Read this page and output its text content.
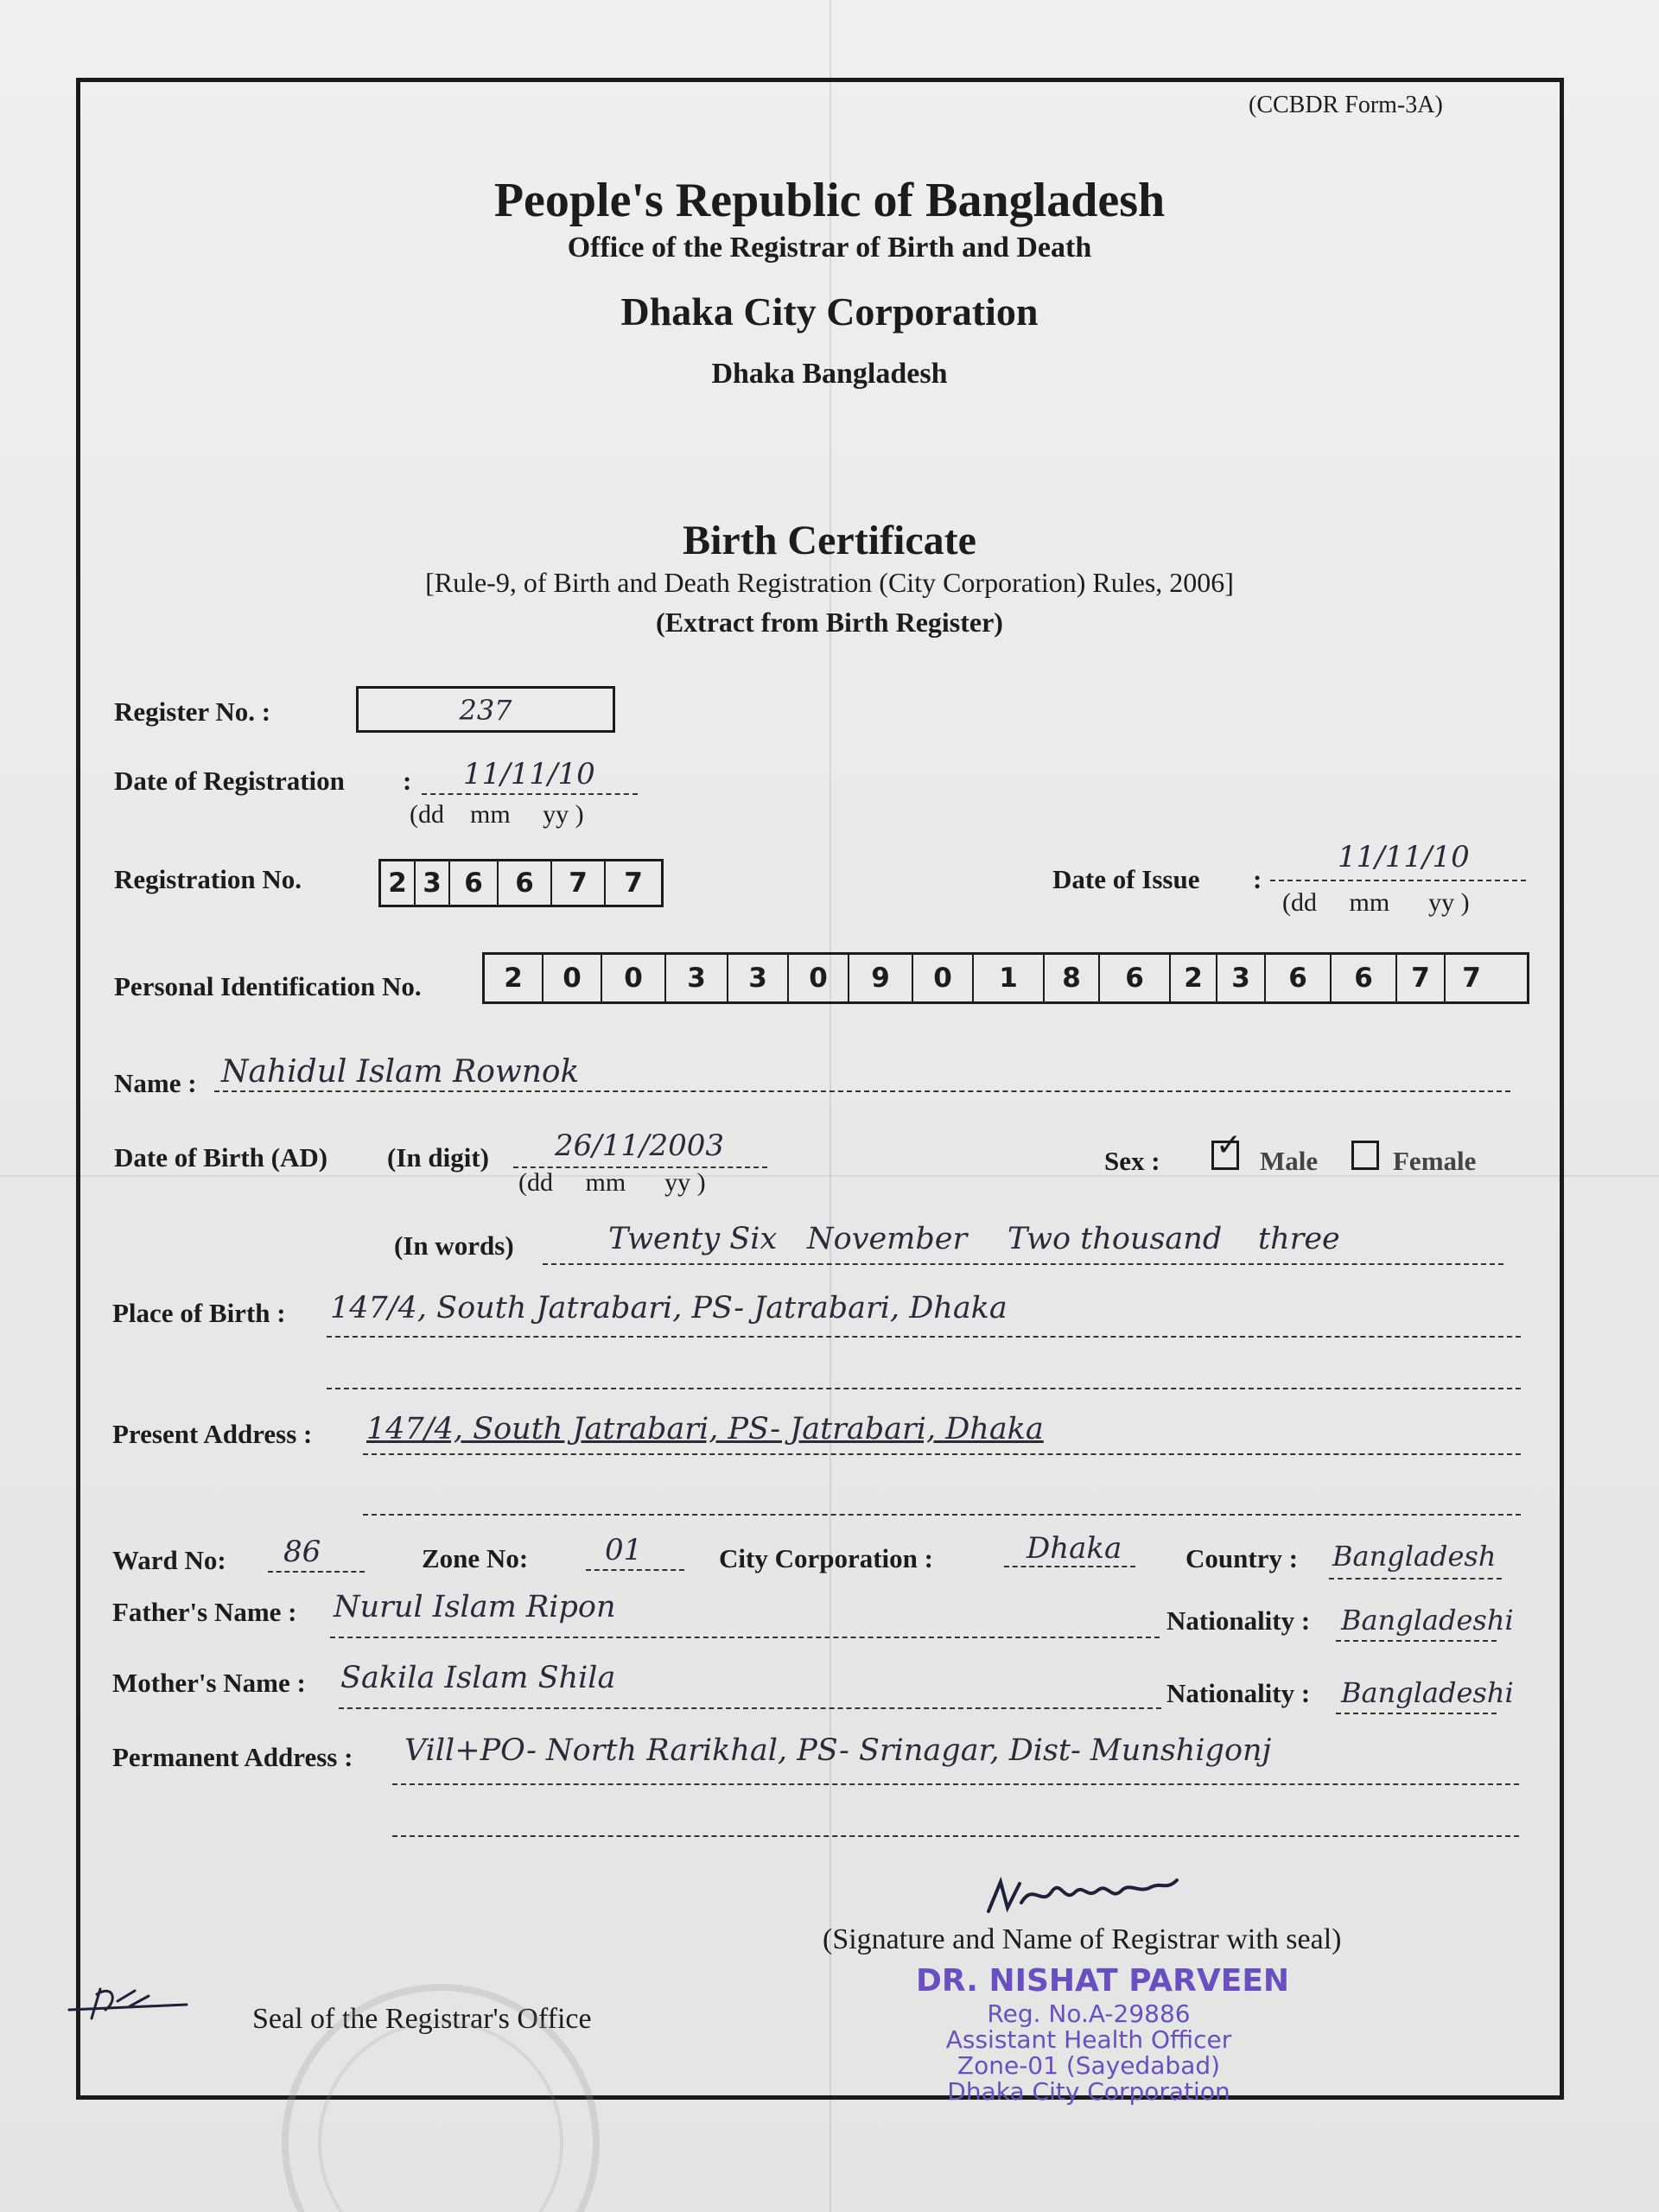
(CCBDR Form-3A)
People's Republic of Bangladesh
Office of the Registrar of Birth and Death
Dhaka City Corporation
Dhaka Bangladesh
Birth Certificate
[Rule-9, of Birth and Death Registration (City Corporation) Rules, 2006]
(Extract from Birth Register)
Register No. :	237
Date of Registration : 11/11/10
(dd    mm     yy )
Registration No.	2 3 6	6	7	7	Date of Issue :
11/11/10
(dd     mm      yy )
Personal Identification No.	2	0	0	3	3	0	9	0	1	8	6	2	3	6	6	7	7
Name : Nahidul Islam Rownok
Date of Birth (AD) (In digit) 26/11/2003
(dd     mm      yy )
Sex : ✓ Male	Female
(In words)	Twenty Six November Two thousand three
Place of Birth : 147/4, South Jatrabari, PS- Jatrabari, Dhaka
Present Address : 147/4, South Jatrabari, PS- Jatrabari, Dhaka
Ward No: 86	Zone No:	01	City Corporation :	Dhaka Country : Bangladesh
Father's Name : Nurul Islam Ripon	Nationality : Bangladeshi
Mother's Name : Sakila Islam Shila	Nationality : Bangladeshi
Permanent Address : Vill+PO- North Rarikhal, PS- Srinagar, Dist- Munshigonj
(Signature and Name of Registrar with seal)
DR. NISHAT PARVEEN
Reg. No.A-29886
Assistant Health Officer
Zone-01 (Sayedabad)
Dhaka City Corporation
Seal of the Registrar's Office
